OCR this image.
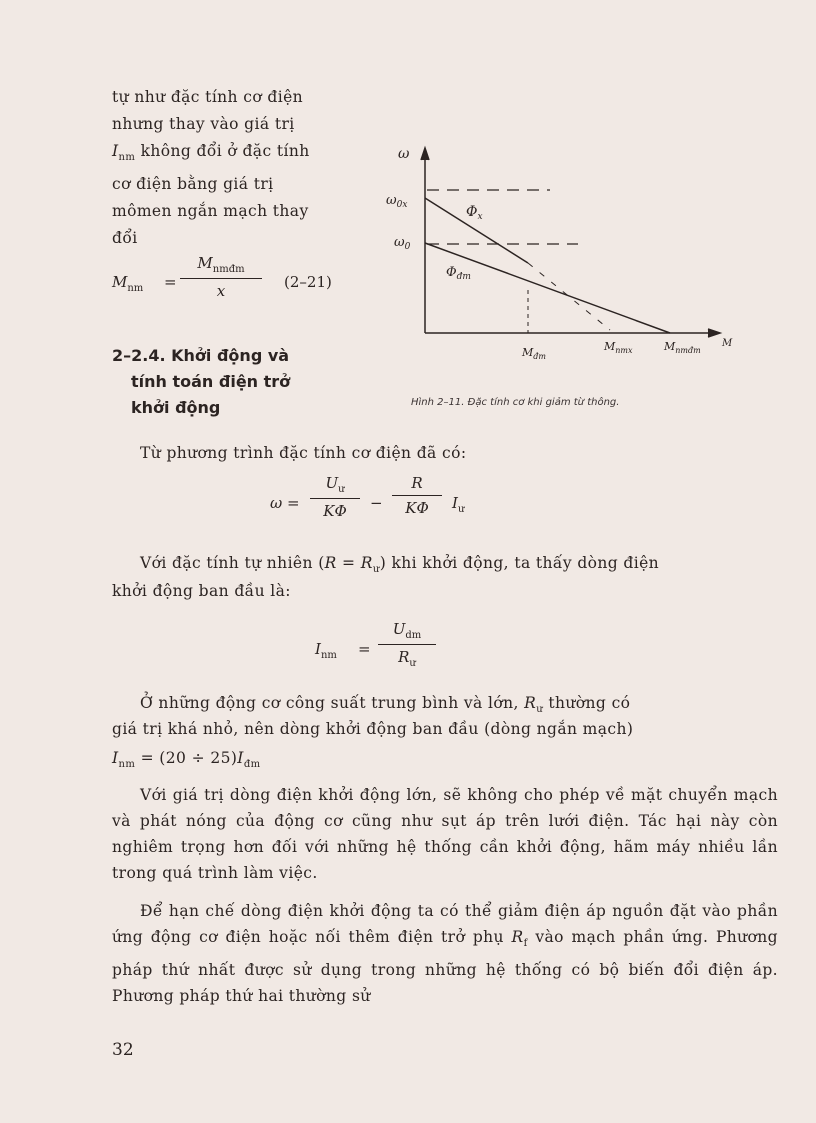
tự như đặc tính cơ điện

nhưng thay vào giá trị

$I_{nm}$ không đổi ở đặc tính

cơ điện bằng giá trị

mômen ngắn mạch thay

đổi

$M_{nm}$ =
$M_{nmđm}$
x	(2–21)
2–2.4. Khởi động và
tính toán điện trở
khởi động
ω
$\omega_{0x}$
$\omega_0$
$\Phi_x$
$\Phi_{đm}$
$M_{đm}$
$M_{nmx}$	$M_{nmđm}$
M
Hình 2–11. Đặc tính cơ khi giảm từ thông.
Từ phương trình đặc tính cơ điện đã có:
$\omega = \frac{U_ư}{K\Phi} - \frac{R}{K\Phi} I_ư$
Với đặc tính tự nhiên $(R = R_ư)$ khi khởi động, ta thấy dòng điện
khởi động ban đầu là:
$I_{nm}$ =
$U_{dm}$
$R_ư$
Ở những động cơ công suất trung bình và lớn, $R_ư$ thường có
giá trị khá nhỏ, nên dòng khởi động ban đầu (dòng ngắn mạch)
$I_{nm} = (20 \div 25)I_{đm}$
Với giá trị dòng điện khởi động lớn, sẽ không cho phép về mặt chuyển mạch và phát nóng của động cơ cũng như sụt áp trên lưới điện. Tác hại này còn nghiêm trọng hơn đối với những hệ thống cần khởi động, hãm máy nhiều lần trong quá trình làm việc.
Để hạn chế dòng điện khởi động ta có thể giảm điện áp nguồn đặt vào phần ứng động cơ điện hoặc nối thêm điện trở phụ $R_f$ vào mạch phần ứng. Phương pháp thứ nhất được sử dụng trong những hệ thống có bộ biến đổi điện áp. Phương pháp thứ hai thường sử
32
